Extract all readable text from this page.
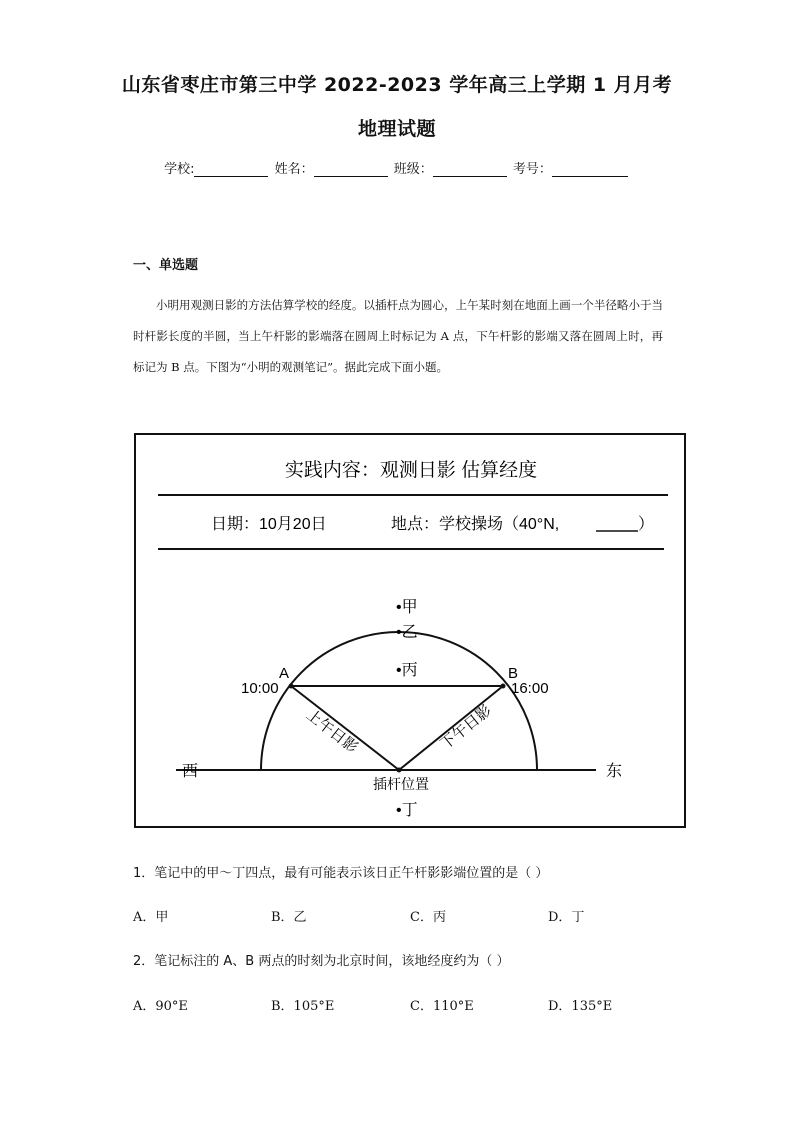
山东省枣庄市第三中学 2022-2023 学年高三上学期 1 月月考
地理试题
学校:	姓名：	班级：	考号：
一、单选题
小明用观测日影的方法估算学校的经度。以插杆点为圆心，上午某时刻在地面上画一个半径略小于当时杆影长度的半圆，当上午杆影的影端落在圆周上时标记为 A 点，下午杆影的影端又落在圆周上时，再标记为 B 点。下图为“小明的观测笔记”。据此完成下面小题。
实践内容：观测日影 估算经度
日期：10月20日	地点：学校操场（40°N,	）
A
10:00
B
16:00
上午日影	下午日影
西	东
插杆位置
•甲
•乙
•丙
•丁
1．笔记中的甲～丁四点，最有可能表示该日正午杆影影端位置的是（ ）
A．甲	B．乙	C．丙	D．丁
2．笔记标注的 A、B 两点的时刻为北京时间，该地经度约为（ ）
A．90°E	B．105°E	C．110°E	D．135°E
